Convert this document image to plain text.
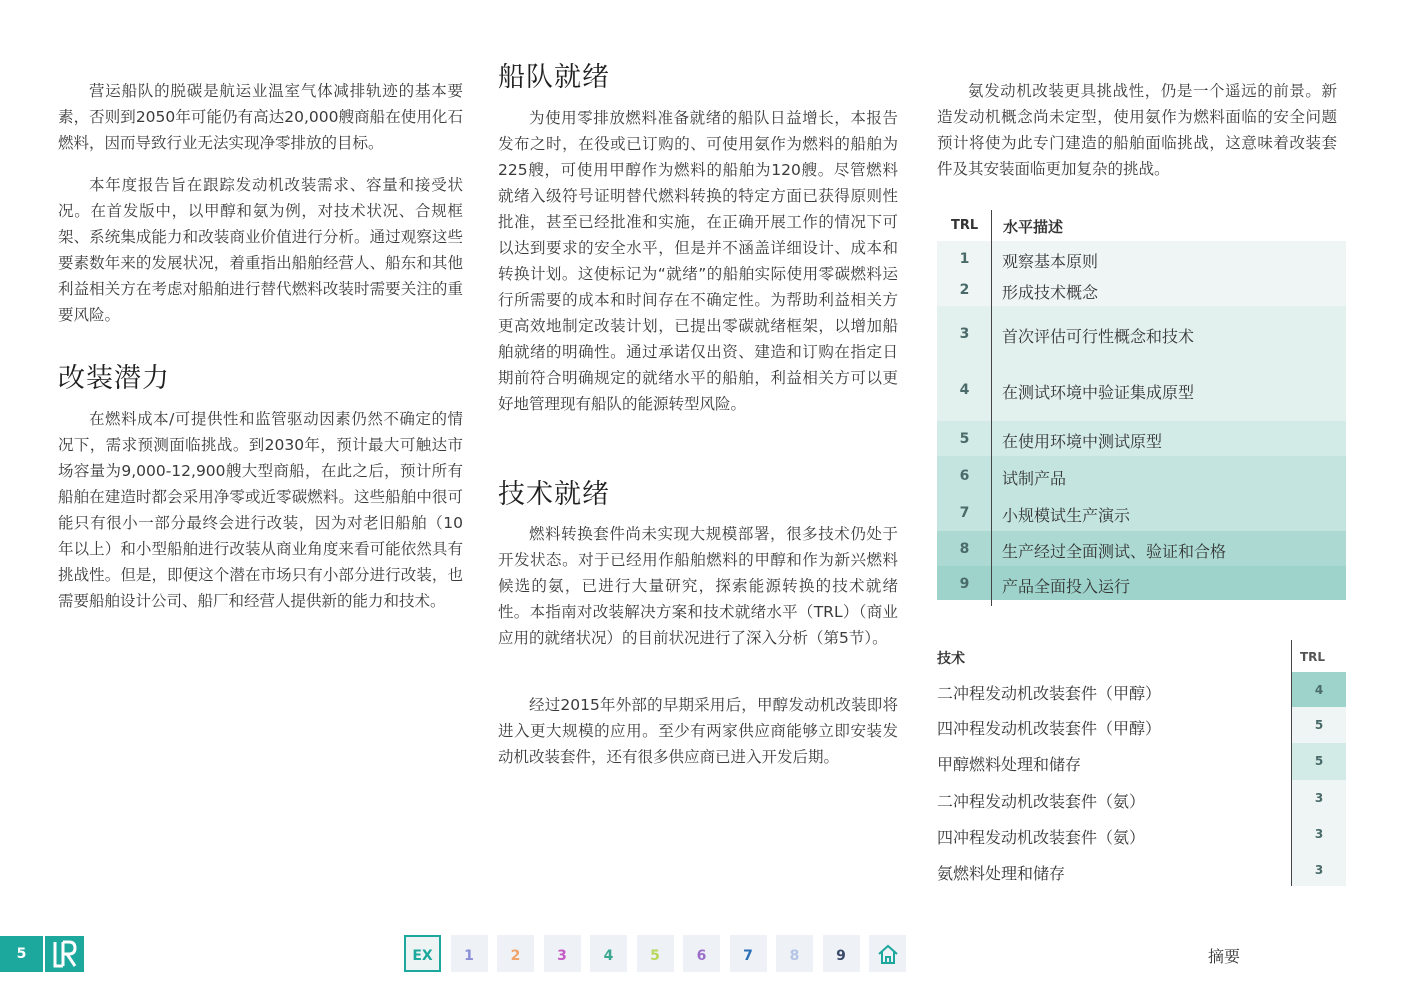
营运船队的脱碳是航运业温室气体减排轨迹的基本要素，否则到2050年可能仍有高达20,000艘商船在使用化石燃料，因而导致行业无法实现净零排放的目标。

本年度报告旨在跟踪发动机改装需求、容量和接受状况。在首发版中，以甲醇和氨为例，对技术状况、合规框架、系统集成能力和改装商业价值进行分析。通过观察这些要素数年来的发展状况，着重指出船舶经营人、船东和其他利益相关方在考虑对船舶进行替代燃料改装时需要关注的重要风险。

改装潜力

在燃料成本/可提供性和监管驱动因素仍然不确定的情况下，需求预测面临挑战。到2030年，预计最大可触达市场容量为9,000-12,900艘大型商船，在此之后，预计所有船舶在建造时都会采用净零或近零碳燃料。这些船舶中很可能只有很小一部分最终会进行改装，因为对老旧船舶（10年以上）和小型船舶进行改装从商业角度来看可能依然具有挑战性。但是，即便这个潜在市场只有小部分进行改装，也需要船舶设计公司、船厂和经营人提供新的能力和技术。

船队就绪

为使用零排放燃料准备就绪的船队日益增长，本报告发布之时，在役或已订购的、可使用氨作为燃料的船舶为225艘，可使用甲醇作为燃料的船舶为120艘。尽管燃料就绪入级符号证明替代燃料转换的特定方面已获得原则性批准，甚至已经批准和实施，在正确开展工作的情况下可以达到要求的安全水平，但是并不涵盖详细设计、成本和转换计划。这使标记为“就绪”的船舶实际使用零碳燃料运行所需要的成本和时间存在不确定性。为帮助利益相关方更高效地制定改装计划，已提出零碳就绪框架，以增加船舶就绪的明确性。通过承诺仅出资、建造和订购在指定日期前符合明确规定的就绪水平的船舶，利益相关方可以更好地管理现有船队的能源转型风险。

技术就绪

燃料转换套件尚未实现大规模部署，很多技术仍处于开发状态。对于已经用作船舶燃料的甲醇和作为新兴燃料候选的氨，已进行大量研究，探索能源转换的技术就绪性。本指南对改装解决方案和技术就绪水平（TRL）（商业应用的就绪状况）的目前状况进行了深入分析（第5节）。

经过2015年外部的早期采用后，甲醇发动机改装即将进入更大规模的应用。至少有两家供应商能够立即安装发动机改装套件，还有很多供应商已进入开发后期。

氨发动机改装更具挑战性，仍是一个遥远的前景。新造发动机概念尚未定型，使用氨作为燃料面临的安全问题预计将使为此专门建造的船舶面临挑战，这意味着改装套件及其安装面临更加复杂的挑战。

TRL 水平描述
1	观察基本原则
2	形成技术概念
3	首次评估可行性概念和技术
4	在测试环境中验证集成原型
5	在使用环境中测试原型
6	试制产品
7	小规模试生产演示
8	生产经过全面测试、验证和合格
9	产品全面投入运行
技术	TRL
二冲程发动机改装套件（甲醇）	4
四冲程发动机改装套件（甲醇）	5
甲醇燃料处理和储存	5
二冲程发动机改装套件（氨）	3
四冲程发动机改装套件（氨）	3
氨燃料处理和储存	3
5	EX	1	2	3	4	5	6	7	8	9	摘要
